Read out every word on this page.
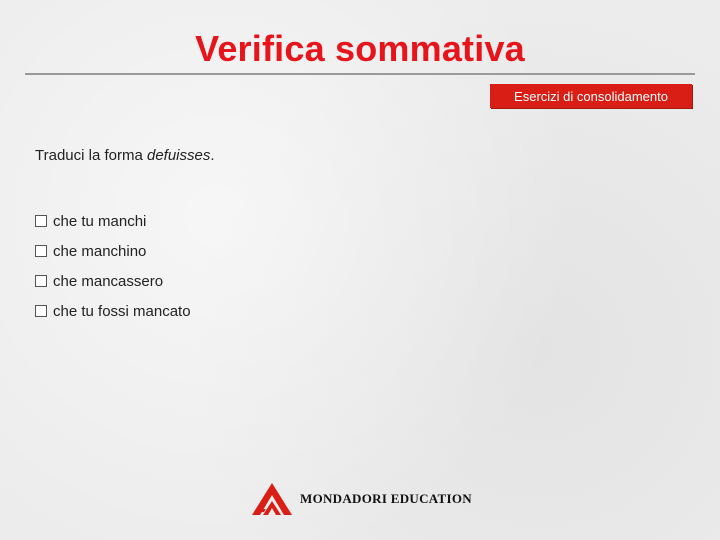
Verifica sommativa
Esercizi di consolidamento
Traduci la forma defuisses.
che tu manchi
che manchino
che mancassero
che tu fossi mancato
MONDADORI EDUCATION
